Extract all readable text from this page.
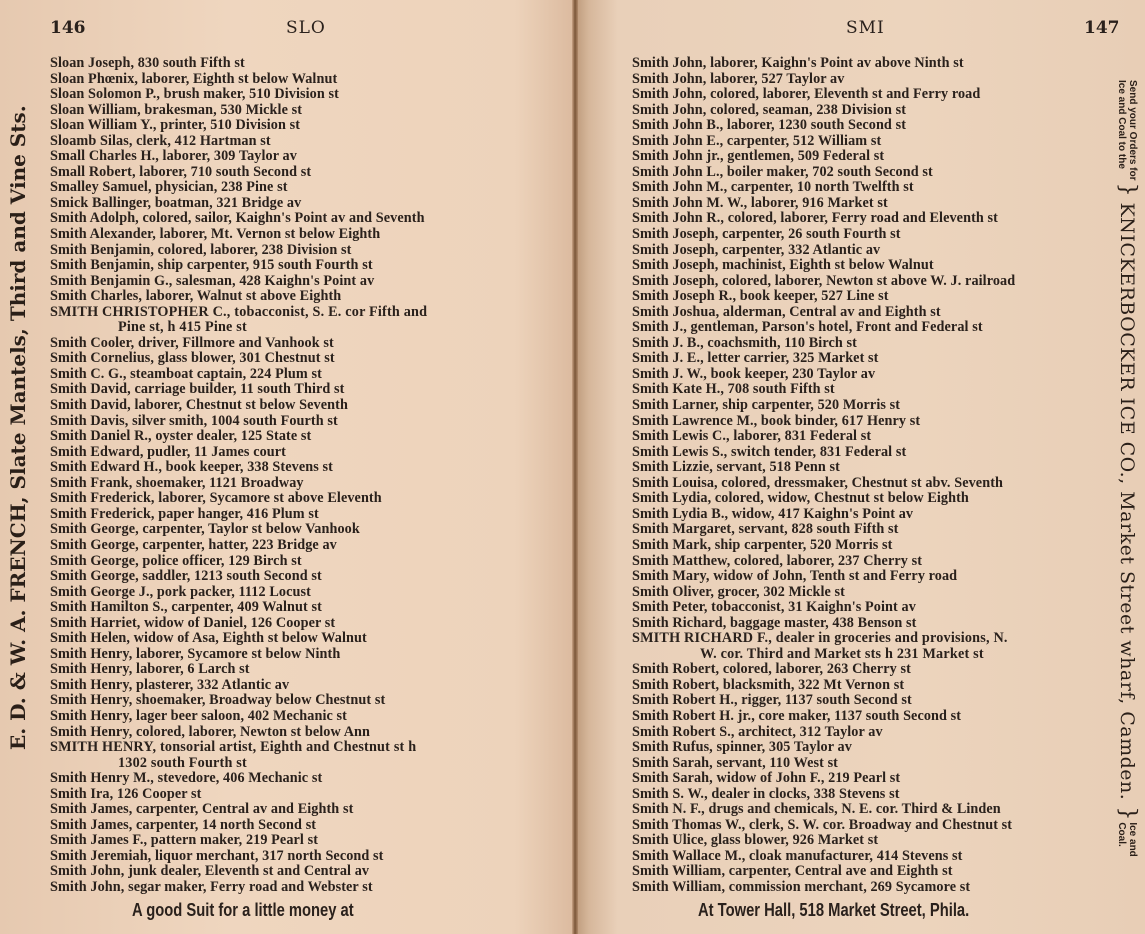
146	SLO
E. D. & W. A. FRENCH, Slate Mantels, Third and Vine Sts.
A good Suit for a little money at
SMI	147
At Tower Hall, 518 Market Street, Phila.
Sloan Joseph, 830 south Fifth st
Sloan Phœnix, laborer, Eighth st below Walnut
Sloan Solomon P., brush maker, 510 Division st
Sloan William, brakesman, 530 Mickle st
Sloan William Y., printer, 510 Division st
Sloamb Silas, clerk, 412 Hartman st
Small Charles H., laborer, 309 Taylor av
Small Robert, laborer, 710 south Second st
Smalley Samuel, physician, 238 Pine st
Smick Ballinger, boatman, 321 Bridge av
Smith Adolph, colored, sailor, Kaighn's Point av and Seventh
Smith Alexander, laborer, Mt. Vernon st below Eighth
Smith Benjamin, colored, laborer, 238 Division st
Smith Benjamin, ship carpenter, 915 south Fourth st
Smith Benjamin G., salesman, 428 Kaighn's Point av
Smith Charles, laborer, Walnut st above Eighth
SMITH CHRISTOPHER C., tobacconist, S. E. cor Fifth and
Pine st, h 415 Pine st
Smith Cooler, driver, Fillmore and Vanhook st
Smith Cornelius, glass blower, 301 Chestnut st
Smith C. G., steamboat captain, 224 Plum st
Smith David, carriage builder, 11 south Third st
Smith David, laborer, Chestnut st below Seventh
Smith Davis, silver smith, 1004 south Fourth st
Smith Daniel R., oyster dealer, 125 State st
Smith Edward, pudler, 11 James court
Smith Edward H., book keeper, 338 Stevens st
Smith Frank, shoemaker, 1121 Broadway
Smith Frederick, laborer, Sycamore st above Eleventh
Smith Frederick, paper hanger, 416 Plum st
Smith George, carpenter, Taylor st below Vanhook
Smith George, carpenter, hatter, 223 Bridge av
Smith George, police officer, 129 Birch st
Smith George, saddler, 1213 south Second st
Smith George J., pork packer, 1112 Locust
Smith Hamilton S., carpenter, 409 Walnut st
Smith Harriet, widow of Daniel, 126 Cooper st
Smith Helen, widow of Asa, Eighth st below Walnut
Smith Henry, laborer, Sycamore st below Ninth
Smith Henry, laborer, 6 Larch st
Smith Henry, plasterer, 332 Atlantic av
Smith Henry, shoemaker, Broadway below Chestnut st
Smith Henry, lager beer saloon, 402 Mechanic st
Smith Henry, colored, laborer, Newton st below Ann
SMITH HENRY, tonsorial artist, Eighth and Chestnut st h
1302 south Fourth st
Smith Henry M., stevedore, 406 Mechanic st
Smith Ira, 126 Cooper st
Smith James, carpenter, Central av and Eighth st
Smith James, carpenter, 14 north Second st
Smith James F., pattern maker, 219 Pearl st
Smith Jeremiah, liquor merchant, 317 north Second st
Smith John, junk dealer, Eleventh st and Central av
Smith John, segar maker, Ferry road and Webster st
Smith John, laborer, Kaighn's Point av above Ninth st
Smith John, laborer, 527 Taylor av
Smith John, colored, laborer, Eleventh st and Ferry road
Smith John, colored, seaman, 238 Division st
Smith John B., laborer, 1230 south Second st
Smith John E., carpenter, 512 William st
Smith John jr., gentlemen, 509 Federal st
Smith John L., boiler maker, 702 south Second st
Smith John M., carpenter, 10 north Twelfth st
Smith John M. W., laborer, 916 Market st
Smith John R., colored, laborer, Ferry road and Eleventh st
Smith Joseph, carpenter, 26 south Fourth st
Smith Joseph, carpenter, 332 Atlantic av
Smith Joseph, machinist, Eighth st below Walnut
Smith Joseph, colored, laborer, Newton st above W. J. railroad
Smith Joseph R., book keeper, 527 Line st
Smith Joshua, alderman, Central av and Eighth st
Smith J., gentleman, Parson's hotel, Front and Federal st
Smith J. B., coachsmith, 110 Birch st
Smith J. E., letter carrier, 325 Market st
Smith J. W., book keeper, 230 Taylor av
Smith Kate H., 708 south Fifth st
Smith Larner, ship carpenter, 520 Morris st
Smith Lawrence M., book binder, 617 Henry st
Smith Lewis C., laborer, 831 Federal st
Smith Lewis S., switch tender, 831 Federal st
Smith Lizzie, servant, 518 Penn st
Smith Louisa, colored, dressmaker, Chestnut st abv. Seventh
Smith Lydia, colored, widow, Chestnut st below Eighth
Smith Lydia B., widow, 417 Kaighn's Point av
Smith Margaret, servant, 828 south Fifth st
Smith Mark, ship carpenter, 520 Morris st
Smith Matthew, colored, laborer, 237 Cherry st
Smith Mary, widow of John, Tenth st and Ferry road
Smith Oliver, grocer, 302 Mickle st
Smith Peter, tobacconist, 31 Kaighn's Point av
Smith Richard, baggage master, 438 Benson st
SMITH RICHARD F., dealer in groceries and provisions, N.
W. cor. Third and Market sts h 231 Market st
Smith Robert, colored, laborer, 263 Cherry st
Smith Robert, blacksmith, 322 Mt Vernon st
Smith Robert H., rigger, 1137 south Second st
Smith Robert H. jr., core maker, 1137 south Second st
Smith Robert S., architect, 312 Taylor av
Smith Rufus, spinner, 305 Taylor av
Smith Sarah, servant, 110 West st
Smith Sarah, widow of John F., 219 Pearl st
Smith S. W., dealer in clocks, 338 Stevens st
Smith N. F., drugs and chemicals, N. E. cor. Third & Linden
Smith Thomas W., clerk, S. W. cor. Broadway and Chestnut st
Smith Ulice, glass blower, 926 Market st
Smith Wallace M., cloak manufacturer, 414 Stevens st
Smith William, carpenter, Central ave and Eighth st
Smith William, commission merchant, 269 Sycamore st
Send your Orders for
Ice and Coal to the
}
KNICKERBOCKER ICE CO., Market Street wharf, Camden.
}
Ice and
Coal.
